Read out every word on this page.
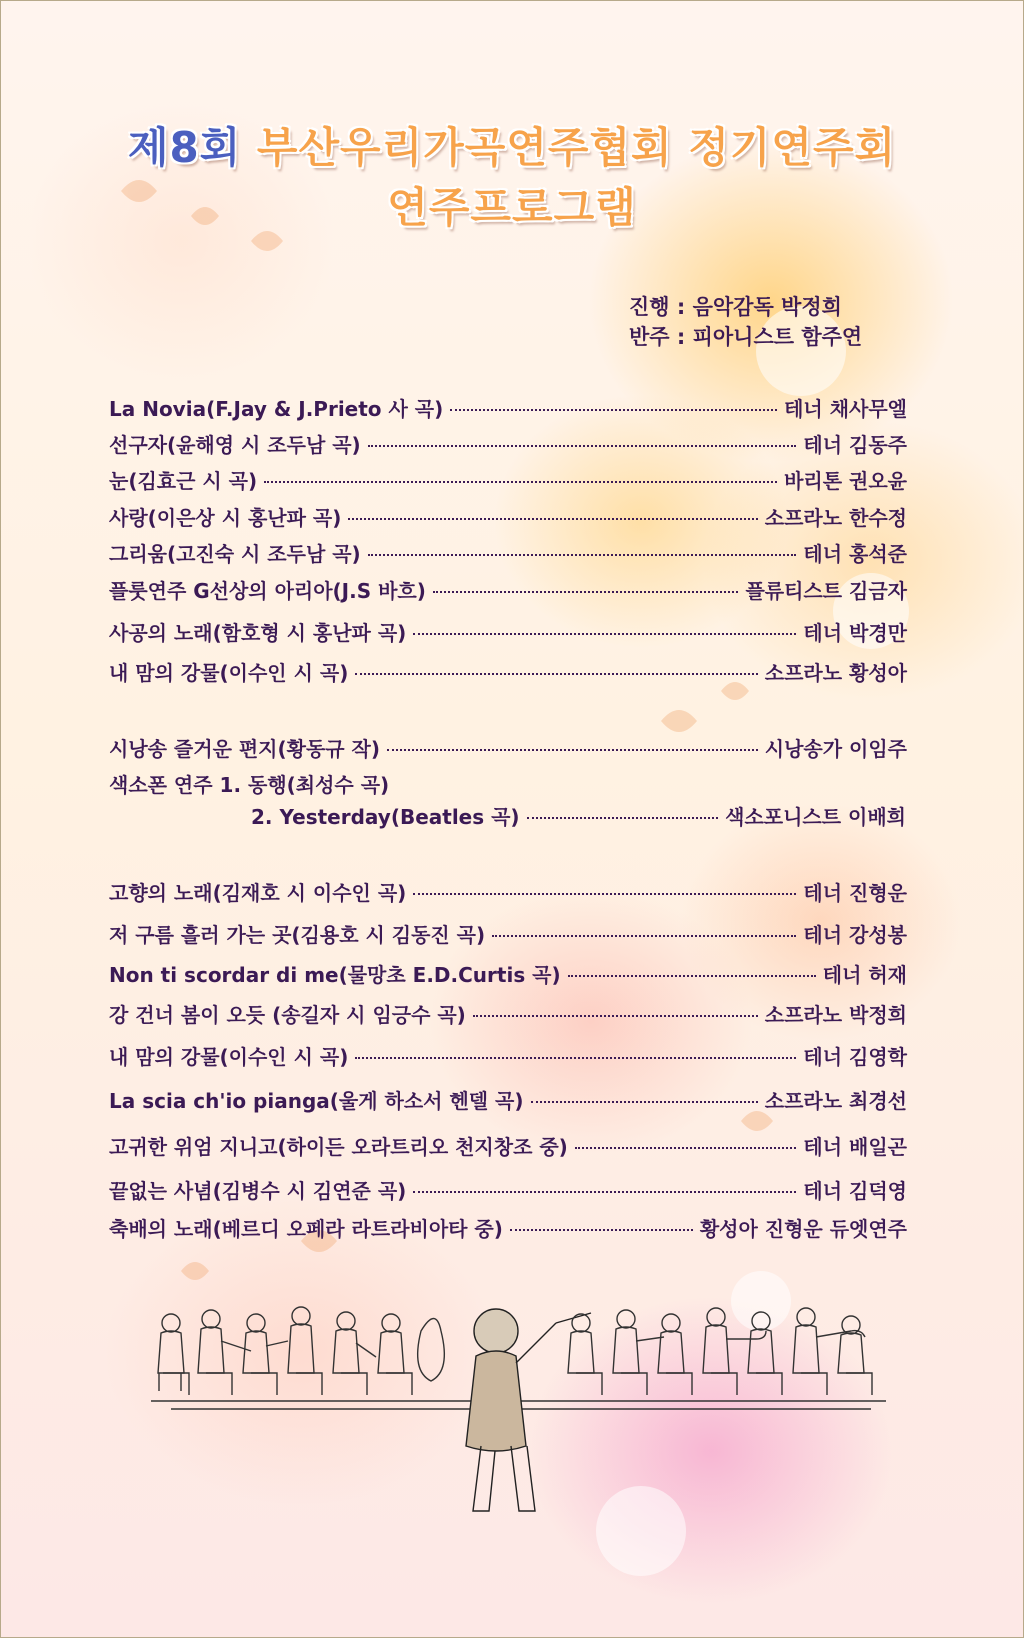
제8회 부산우리가곡연주협회 정기연주회
연주프로그램
진행 : 음악감독 박정희
반주 : 피아니스트 함주연
La Novia(F.Jay & J.Prieto 사 곡)	테너 채사무엘
선구자(윤해영 시 조두남 곡)	테너 김동주
눈(김효근 시 곡)	바리톤 권오윤
사랑(이은상 시 홍난파 곡)	소프라노 한수정
그리움(고진숙 시 조두남 곡)	테너 홍석준
플룻연주 G선상의 아리아(J.S 바흐)	플류티스트 김금자
사공의 노래(함호형 시 홍난파 곡)	테너 박경만
내 맘의 강물(이수인 시 곡)	소프라노 황성아
시낭송 즐거운 편지(황동규 작)	시낭송가 이임주
색소폰 연주 1. 동행(최성수 곡)
2. Yesterday(Beatles 곡)	색소포니스트 이배희
고향의 노래(김재호 시 이수인 곡)	테너 진형운
저 구름 흘러 가는 곳(김용호 시 김동진 곡)	테너 강성봉
Non ti scordar di me(물망초 E.D.Curtis 곡)	테너 허재
강 건너 봄이 오듯 (송길자 시 임긍수 곡)	소프라노 박정희
내 맘의 강물(이수인 시 곡)	테너 김영학
La scia ch'io pianga(울게 하소서 헨델 곡)	소프라노 최경선
고귀한 위엄 지니고(하이든 오라트리오 천지창조 중)	테너 배일곤
끝없는 사념(김병수 시 김연준 곡)	테너 김덕영
축배의 노래(베르디 오페라 라트라비아타 중)	황성아 진형운 듀엣연주
